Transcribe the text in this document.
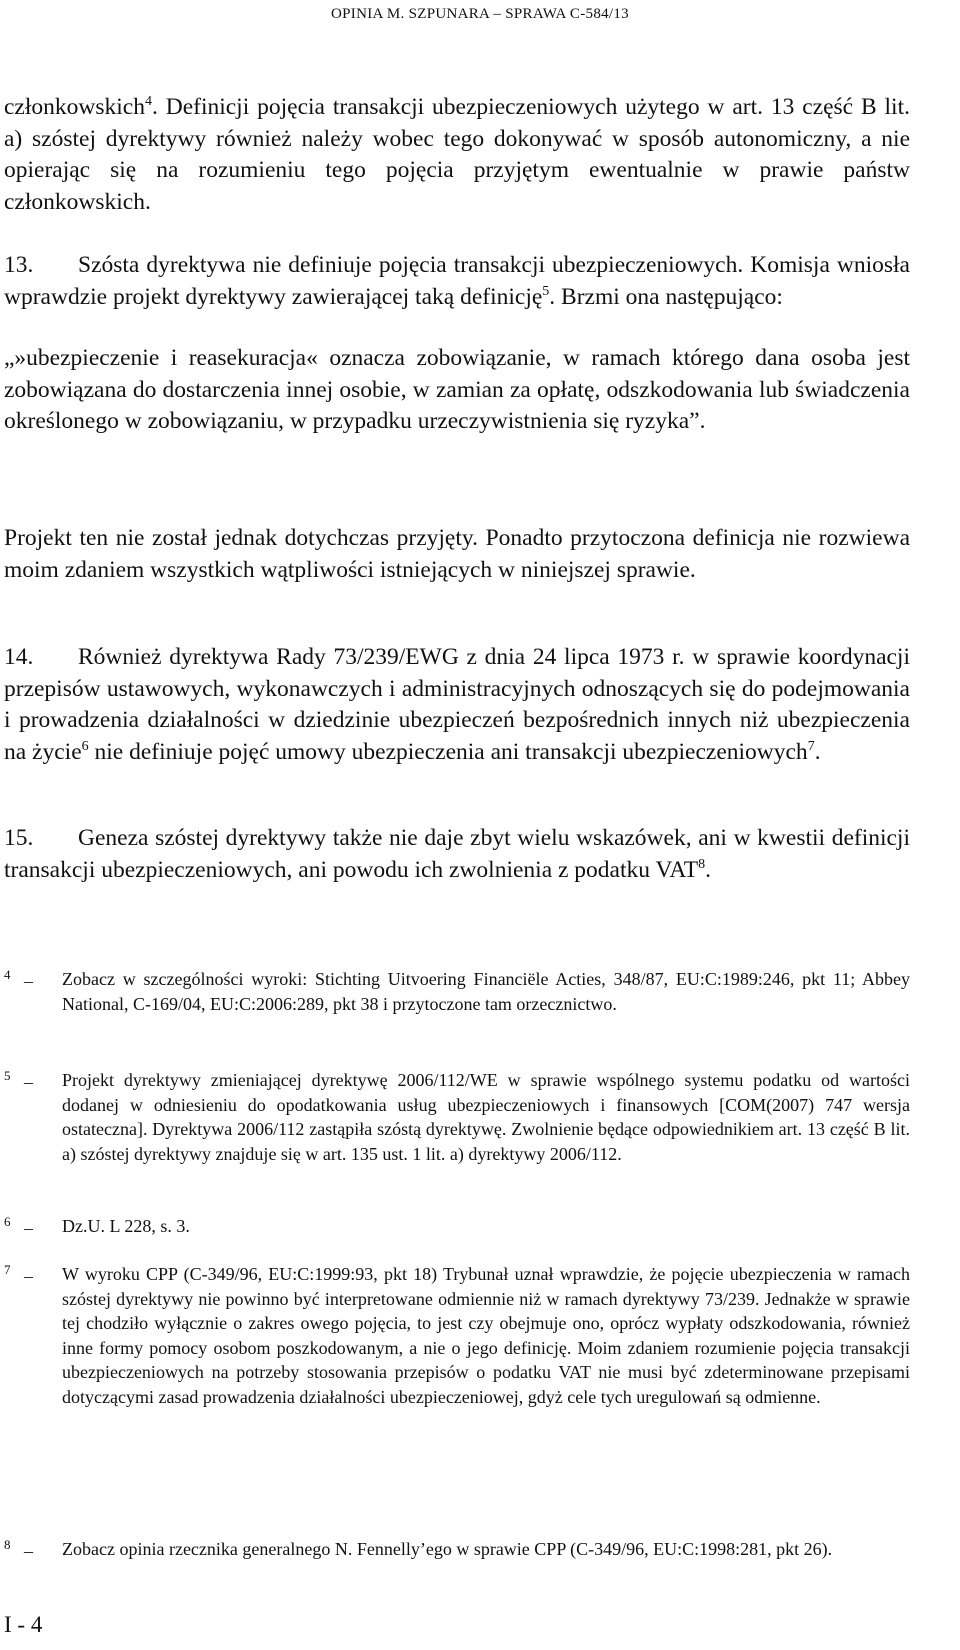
OPINIA M. SZPUNARA – SPRAWA C-584/13

członkowskich$^4$. Definicji pojęcia transakcji ubezpieczeniowych użytego w art. 13 część B lit. a) szóstej dyrektywy również należy wobec tego dokonywać w sposób autonomiczny, a nie opierając się na rozumieniu tego pojęcia przyjętym ewentualnie w prawie państw członkowskich.

13. Szósta dyrektywa nie definiuje pojęcia transakcji ubezpieczeniowych. Komisja wniosła wprawdzie projekt dyrektywy zawierającej taką definicję$^5$. Brzmi ona następująco:

„»ubezpieczenie i reasekuracja« oznacza zobowiązanie, w ramach którego dana osoba jest zobowiązana do dostarczenia innej osobie, w zamian za opłatę, odszkodowania lub świadczenia określonego w zobowiązaniu, w przypadku urzeczywistnienia się ryzyka”.

Projekt ten nie został jednak dotychczas przyjęty. Ponadto przytoczona definicja nie rozwiewa moim zdaniem wszystkich wątpliwości istniejących w niniejszej sprawie.

14. Również dyrektywa Rady 73/239/EWG z dnia 24 lipca 1973 r. w sprawie koordynacji przepisów ustawowych, wykonawczych i administracyjnych odnoszących się do podejmowania i prowadzenia działalności w dziedzinie ubezpieczeń bezpośrednich innych niż ubezpieczenia na życie$^6$ nie definiuje pojęć umowy ubezpieczenia ani transakcji ubezpieczeniowych$^7$.

15. Geneza szóstej dyrektywy także nie daje zbyt wielu wskazówek, ani w kwestii definicji transakcji ubezpieczeniowych, ani powodu ich zwolnienia z podatku VAT$^8$.

4 – Zobacz w szczególności wyroki: Stichting Uitvoering Financiële Acties, 348/87, EU:C:1989:246, pkt 11; Abbey National, C-169/04, EU:C:2006:289, pkt 38 i przytoczone tam orzecznictwo.
5 – Projekt dyrektywy zmieniającej dyrektywę 2006/112/WE w sprawie wspólnego systemu podatku od wartości dodanej w odniesieniu do opodatkowania usług ubezpieczeniowych i finansowych [COM(2007) 747 wersja ostateczna]. Dyrektywa 2006/112 zastąpiła szóstą dyrektywę. Zwolnienie będące odpowiednikiem art. 13 część B lit. a) szóstej dyrektywy znajduje się w art. 135 ust. 1 lit. a) dyrektywy 2006/112.
6 – Dz.U. L 228, s. 3.
7 – W wyroku CPP (C-349/96, EU:C:1999:93, pkt 18) Trybunał uznał wprawdzie, że pojęcie ubezpieczenia w ramach szóstej dyrektywy nie powinno być interpretowane odmiennie niż w ramach dyrektywy 73/239. Jednakże w sprawie tej chodziło wyłącznie o zakres owego pojęcia, to jest czy obejmuje ono, oprócz wypłaty odszkodowania, również inne formy pomocy osobom poszkodowanym, a nie o jego definicję. Moim zdaniem rozumienie pojęcia transakcji ubezpieczeniowych na potrzeby stosowania przepisów o podatku VAT nie musi być zdeterminowane przepisami dotyczącymi zasad prowadzenia działalności ubezpieczeniowej, gdyż cele tych uregulowań są odmienne.
8 – Zobacz opinia rzecznika generalnego N. Fennelly’ego w sprawie CPP (C-349/96, EU:C:1998:281, pkt 26).
I - 4
